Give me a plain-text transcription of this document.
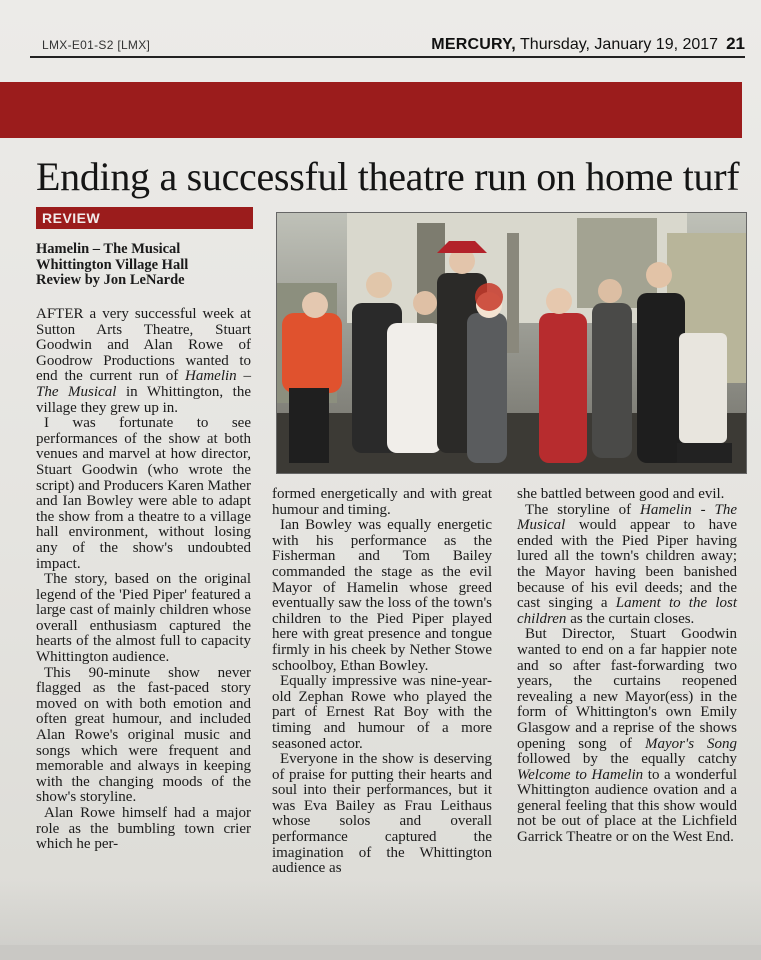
LMX-E01-S2 [LMX]	MERCURY, Thursday, January 19, 2017 21
Ending a successful theatre run on home turf
REVIEW
Hamelin – The Musical
Whittington Village Hall
Review by Jon LeNarde

AFTER a very successful week at Sutton Arts Theatre, Stuart Goodwin and Alan Rowe of Goodrow Productions wanted to end the current run of Hamelin – The Musical in Whittington, the village they grew up in.

I was fortunate to see performances of the show at both venues and marvel at how director, Stuart Goodwin (who wrote the script) and Producers Karen Mather and Ian Bowley were able to adapt the show from a theatre to a village hall environment, without losing any of the show's undoubted impact.

The story, based on the original legend of the 'Pied Piper' featured a large cast of mainly children whose overall enthusiasm captured the hearts of the almost full to capacity Whittington audience.

This 90-minute show never flagged as the fast-paced story moved on with both emotion and often great humour, and included Alan Rowe's original music and songs which were frequent and memorable and always in keeping with the changing moods of the show's storyline.

Alan Rowe himself had a major role as the bumbling town crier which he per-

formed energetically and with great humour and timing.

Ian Bowley was equally energetic with his performance as the Fisherman and Tom Bailey commanded the stage as the evil Mayor of Hamelin whose greed eventually saw the loss of the town's children to the Pied Piper played here with great presence and tongue firmly in his cheek by Nether Stowe schoolboy, Ethan Bowley.

Equally impressive was nine-year-old Zephan Rowe who played the part of Ernest Rat Boy with the timing and humour of a more seasoned actor.

Everyone in the show is deserving of praise for putting their hearts and soul into their performances, but it was Eva Bailey as Frau Leithaus whose solos and overall performance captured the imagination of the Whittington audience as

she battled between good and evil.

The storyline of Hamelin - The Musical would appear to have ended with the Pied Piper having lured all the town's children away; the Mayor having been banished because of his evil deeds; and the cast singing a Lament to the lost children as the curtain closes.

But Director, Stuart Goodwin wanted to end on a far happier note and so after fast-forwarding two years, the curtains reopened revealing a new Mayor(ess) in the form of Whittington's own Emily Glasgow and a reprise of the shows opening song of Mayor's Song followed by the equally catchy Welcome to Hamelin to a wonderful Whittington audience ovation and a general feeling that this show would not be out of place at the Lichfield Garrick Theatre or on the West End.
